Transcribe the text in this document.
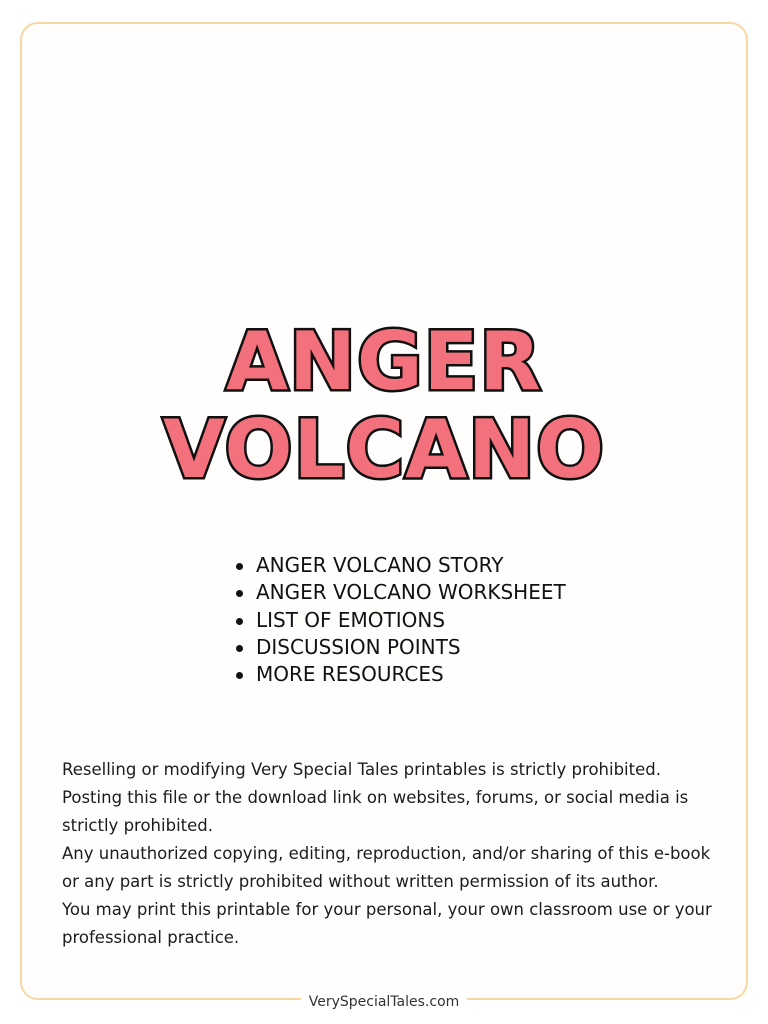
ANGER
VOLCANO
ANGER VOLCANO STORY
ANGER VOLCANO WORKSHEET
LIST OF EMOTIONS
DISCUSSION POINTS
MORE RESOURCES

Reselling or modifying Very Special Tales printables is strictly prohibited.

Posting this file or the download link on websites, forums, or social media is strictly prohibited.

Any unauthorized copying, editing, reproduction, and/or sharing of this e-book or any part is strictly prohibited without written permission of its author.

You may print this printable for your personal, your own classroom use or your professional practice.

VerySpecialTales.com
